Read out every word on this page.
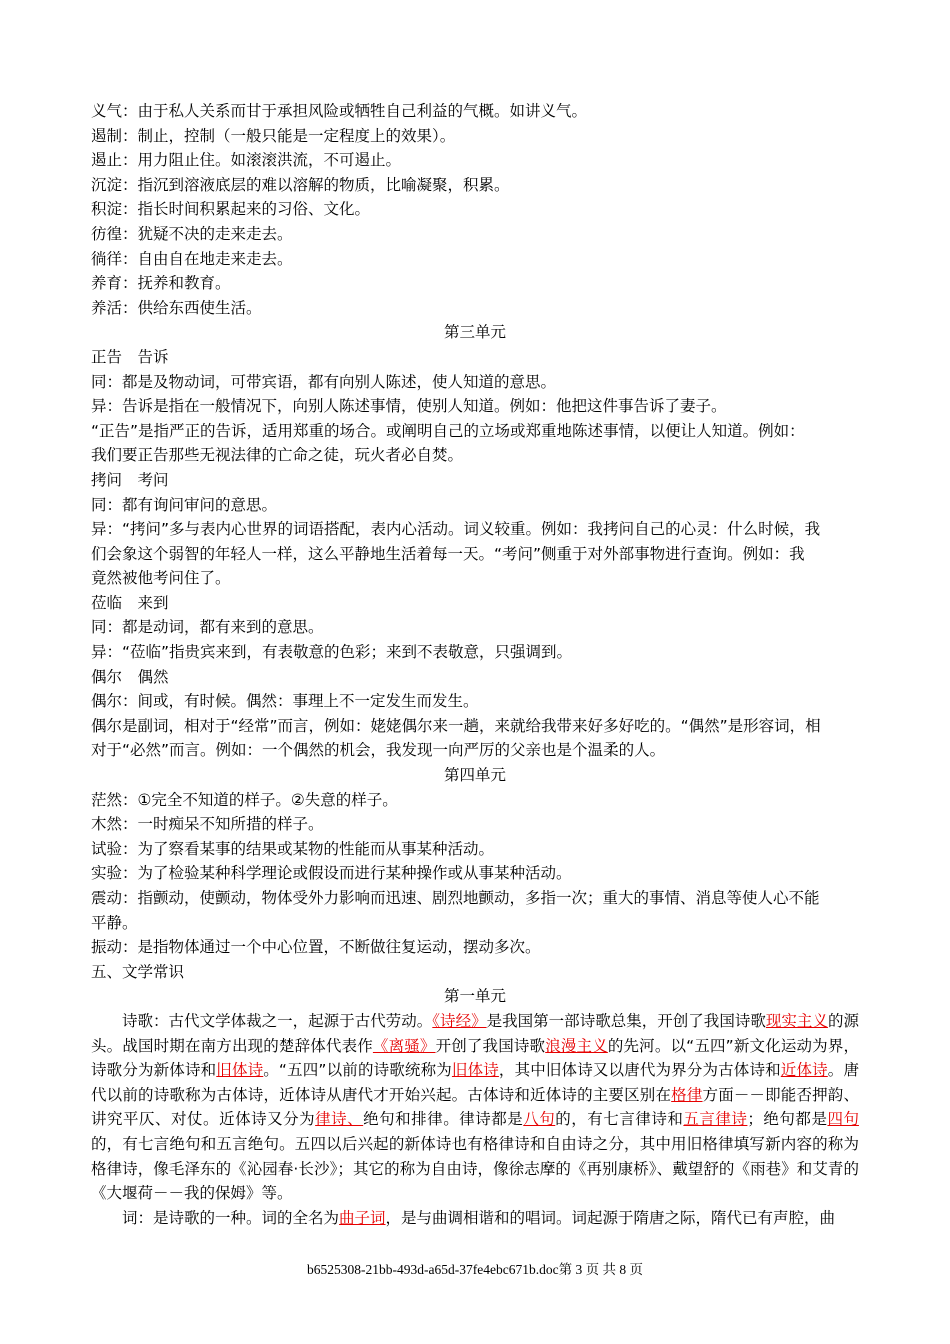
义气：由于私人关系而甘于承担风险或牺牲自己利益的气概。如讲义气。
遏制：制止，控制（一般只能是一定程度上的效果）。
遏止：用力阻止住。如滚滚洪流，不可遏止。
沉淀：指沉到溶液底层的难以溶解的物质，比喻凝聚，积累。
积淀：指长时间积累起来的习俗、文化。
彷徨：犹疑不决的走来走去。
徜徉：自由自在地走来走去。
养育：抚养和教育。
养活：供给东西使生活。
第三单元
正告　告诉
同：都是及物动词，可带宾语，都有向别人陈述，使人知道的意思。
异：告诉是指在一般情况下，向别人陈述事情，使别人知道。例如：他把这件事告诉了妻子。
“正告”是指严正的告诉，适用郑重的场合。或阐明自己的立场或郑重地陈述事情，以便让人知道。例如：
我们要正告那些无视法律的亡命之徒，玩火者必自焚。
拷问　考问
同：都有询问审问的意思。
异：“拷问”多与表内心世界的词语搭配，表内心活动。词义较重。例如：我拷问自己的心灵：什么时候，我
们会象这个弱智的年轻人一样，这么平静地生活着每一天。“考问”侧重于对外部事物进行查询。例如：我
竟然被他考问住了。
莅临　来到
同：都是动词，都有来到的意思。
异：“莅临”指贵宾来到，有表敬意的色彩；来到不表敬意，只强调到。
偶尔　偶然
偶尔：间或，有时候。偶然：事理上不一定发生而发生。
偶尔是副词，相对于“经常”而言，例如：姥姥偶尔来一趟，来就给我带来好多好吃的。“偶然”是形容词，相
对于“必然”而言。例如：一个偶然的机会，我发现一向严厉的父亲也是个温柔的人。
第四单元
茫然：①完全不知道的样子。②失意的样子。
木然：一时痴呆不知所措的样子。
试验：为了察看某事的结果或某物的性能而从事某种活动。
实验：为了检验某种科学理论或假设而进行某种操作或从事某种活动。
震动：指颤动，使颤动，物体受外力影响而迅速、剧烈地颤动，多指一次；重大的事情、消息等使人心不能
平静。
振动：是指物体通过一个中心位置，不断做往复运动，摆动多次。
五、文学常识
第一单元
诗歌：古代文学体裁之一，起源于古代劳动。《诗经》是我国第一部诗歌总集，开创了我国诗歌现实主义的源头。战国时期在南方出现的楚辞体代表作《离骚》开创了我国诗歌浪漫主义的先河。以“五四”新文化运动为界，诗歌分为新体诗和旧体诗。“五四”以前的诗歌统称为旧体诗，其中旧体诗又以唐代为界分为古体诗和近体诗。唐代以前的诗歌称为古体诗，近体诗从唐代才开始兴起。古体诗和近体诗的主要区别在格律方面－－即能否押韵、讲究平仄、对仗。近体诗又分为律诗、绝句和排律。律诗都是八句的，有七言律诗和五言律诗；绝句都是四句的，有七言绝句和五言绝句。五四以后兴起的新体诗也有格律诗和自由诗之分，其中用旧格律填写新内容的称为格律诗，像毛泽东的《沁园春·长沙》；其它的称为自由诗，像徐志摩的《再别康桥》、戴望舒的《雨巷》和艾青的《大堰荷－－我的保姆》等。
词：是诗歌的一种。词的全名为曲子词，是与曲调相谐和的唱词。词起源于隋唐之际，隋代已有声腔，曲
b6525308-21bb-493d-a65d-37fe4ebc671b.doc第 3 页 共 8 页
